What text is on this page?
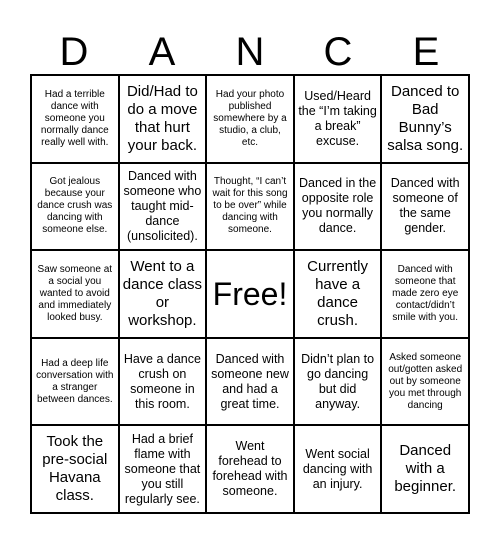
D	A	N	C	E
Had a terrible dance with someone you normally dance really well with.
Did/Had to do a move that hurt your back.
Had your photo published somewhere by a studio, a club, etc.
Used/Heard the “I’m taking a break” excuse.
Danced to Bad Bunny’s salsa song.
Got jealous because your dance crush was dancing with someone else.
Danced with someone who taught mid-dance (unsolicited).
Thought, “I can’t wait for this song to be over” while dancing with someone.
Danced in the opposite role you normally dance.
Danced with someone of the same gender.
Saw someone at a social you wanted to avoid and immediately looked busy.
Went to a dance class or workshop.
Free!
Currently have a dance crush.
Danced with someone that made zero eye contact/didn’t smile with you.
Had a deep life conversation with a stranger between dances.
Have a dance crush on someone in this room.
Danced with someone new and had a great time.
Didn’t plan to go dancing but did anyway.
Asked someone out/gotten asked out by someone you met through dancing
Took the pre-social Havana class.
Had a brief flame with someone that you still regularly see.
Went forehead to forehead with someone.
Went social dancing with an injury.
Danced with a beginner.
